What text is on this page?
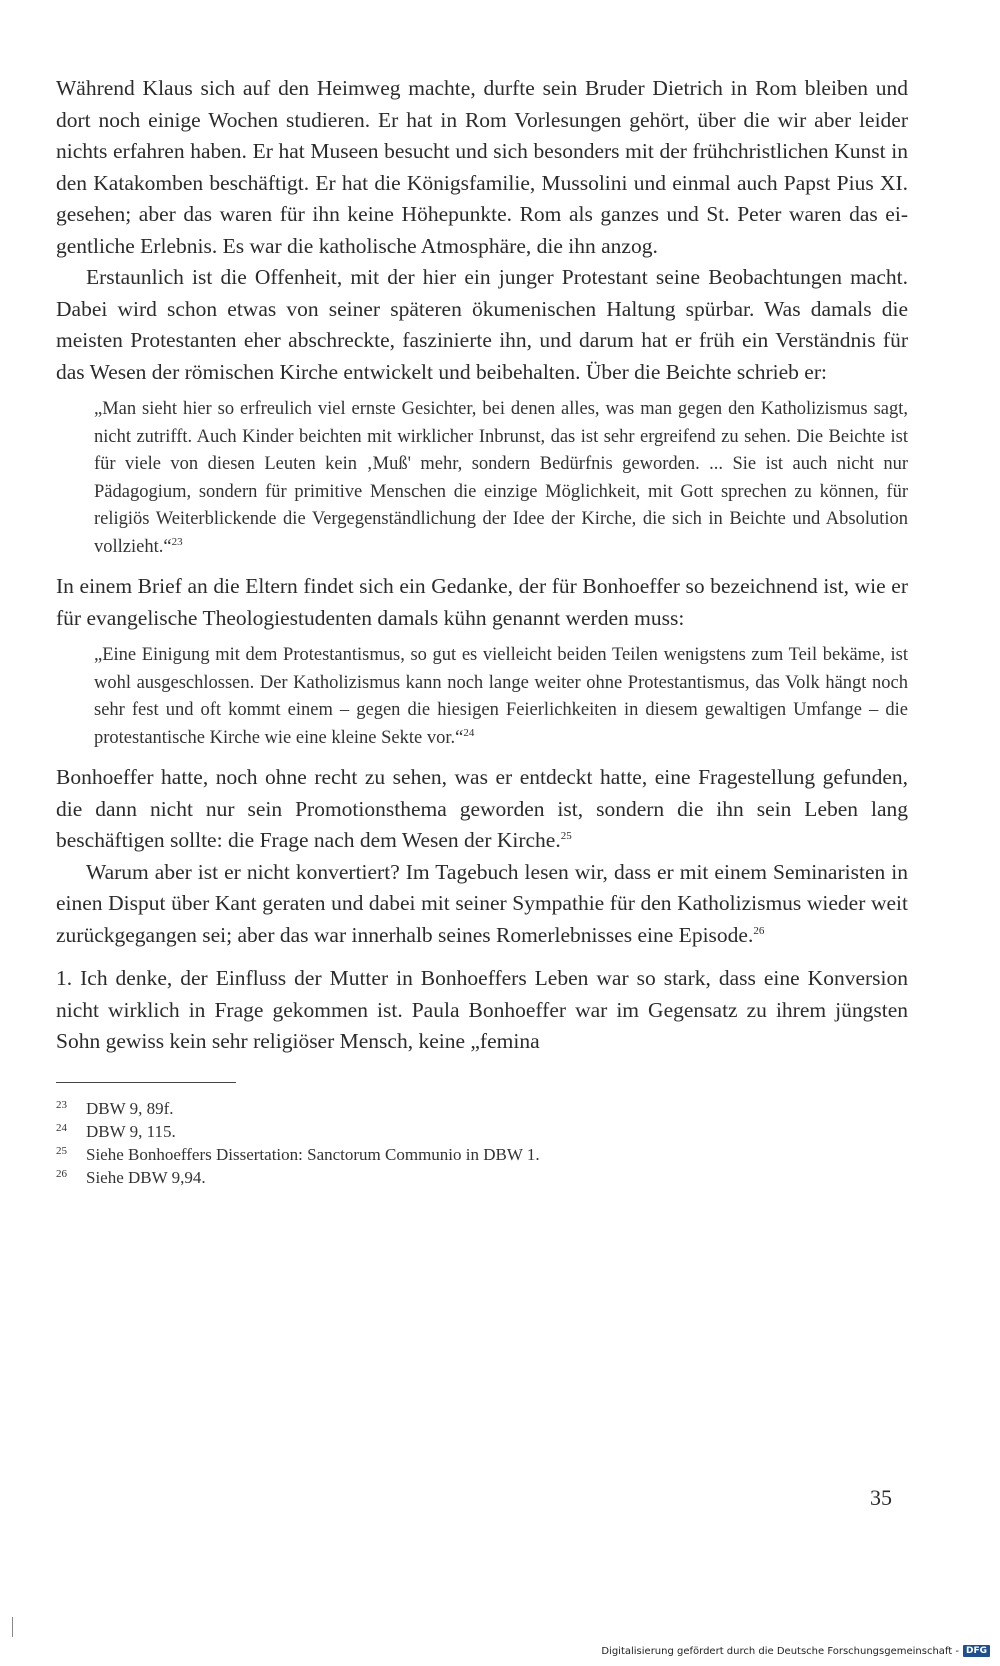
Während Klaus sich auf den Heimweg machte, durfte sein Bruder Dietrich in Rom bleiben und dort noch einige Wochen studieren. Er hat in Rom Vorlesungen gehört, über die wir aber leider nichts erfahren haben. Er hat Museen besucht und sich besonders mit der frühchristlichen Kunst in den Katakomben beschäftigt. Er hat die Königsfamilie, Mussolini und einmal auch Papst Pius XI. gesehen; aber das waren für ihn keine Höhepunkte. Rom als ganzes und St. Peter waren das eigentliche Erlebnis. Es war die katholische Atmosphäre, die ihn anzog.

Erstaunlich ist die Offenheit, mit der hier ein junger Protestant seine Beobachtungen macht. Dabei wird schon etwas von seiner späteren ökumenischen Haltung spürbar. Was damals die meisten Protestanten eher abschreckte, faszinierte ihn, und darum hat er früh ein Verständnis für das Wesen der römischen Kirche entwickelt und beibehalten. Über die Beichte schrieb er:

„Man sieht hier so erfreulich viel ernste Gesichter, bei denen alles, was man gegen den Katholizismus sagt, nicht zutrifft. Auch Kinder beichten mit wirklicher Inbrunst, das ist sehr ergreifend zu sehen. Die Beichte ist für viele von diesen Leuten kein ‚Muß' mehr, sondern Bedürfnis geworden. ... Sie ist auch nicht nur Pädagogium, sondern für primitive Menschen die einzige Möglichkeit, mit Gott sprechen zu können, für religiös Weiterblickende die Vergegenständlichung der Idee der Kirche, die sich in Beichte und Absolution vollzieht.“$^{23}$

In einem Brief an die Eltern findet sich ein Gedanke, der für Bonhoeffer so bezeichnend ist, wie er für evangelische Theologiestudenten damals kühn genannt werden muss:

„Eine Einigung mit dem Protestantismus, so gut es vielleicht beiden Teilen wenigstens zum Teil bekäme, ist wohl ausgeschlossen. Der Katholizismus kann noch lange weiter ohne Protestantismus, das Volk hängt noch sehr fest und oft kommt einem – gegen die hiesigen Feierlichkeiten in diesem gewaltigen Umfange – die protestantische Kirche wie eine kleine Sekte vor.“$^{24}$

Bonhoeffer hatte, noch ohne recht zu sehen, was er entdeckt hatte, eine Fragestellung gefunden, die dann nicht nur sein Promotionsthema geworden ist, sondern die ihn sein Leben lang beschäftigen sollte: die Frage nach dem Wesen der Kirche.$^{25}$

Warum aber ist er nicht konvertiert? Im Tagebuch lesen wir, dass er mit einem Seminaristen in einen Disput über Kant geraten und dabei mit seiner Sympathie für den Katholizismus wieder weit zurückgegangen sei; aber das war innerhalb seines Romerlebnisses eine Episode.$^{26}$

1. Ich denke, der Einfluss der Mutter in Bonhoeffers Leben war so stark, dass eine Konversion nicht wirklich in Frage gekommen ist. Paula Bonhoeffer war im Gegensatz zu ihrem jüngsten Sohn gewiss kein sehr religiöser Mensch, keine „femina

23	DBW 9, 89f.

24	DBW 9, 115.

25	Siehe Bonhoeffers Dissertation: Sanctorum Communio in DBW 1.

26	Siehe DBW 9,94.

35
Digitalisierung gefördert durch die Deutsche Forschungsgemeinschaft - DFG
